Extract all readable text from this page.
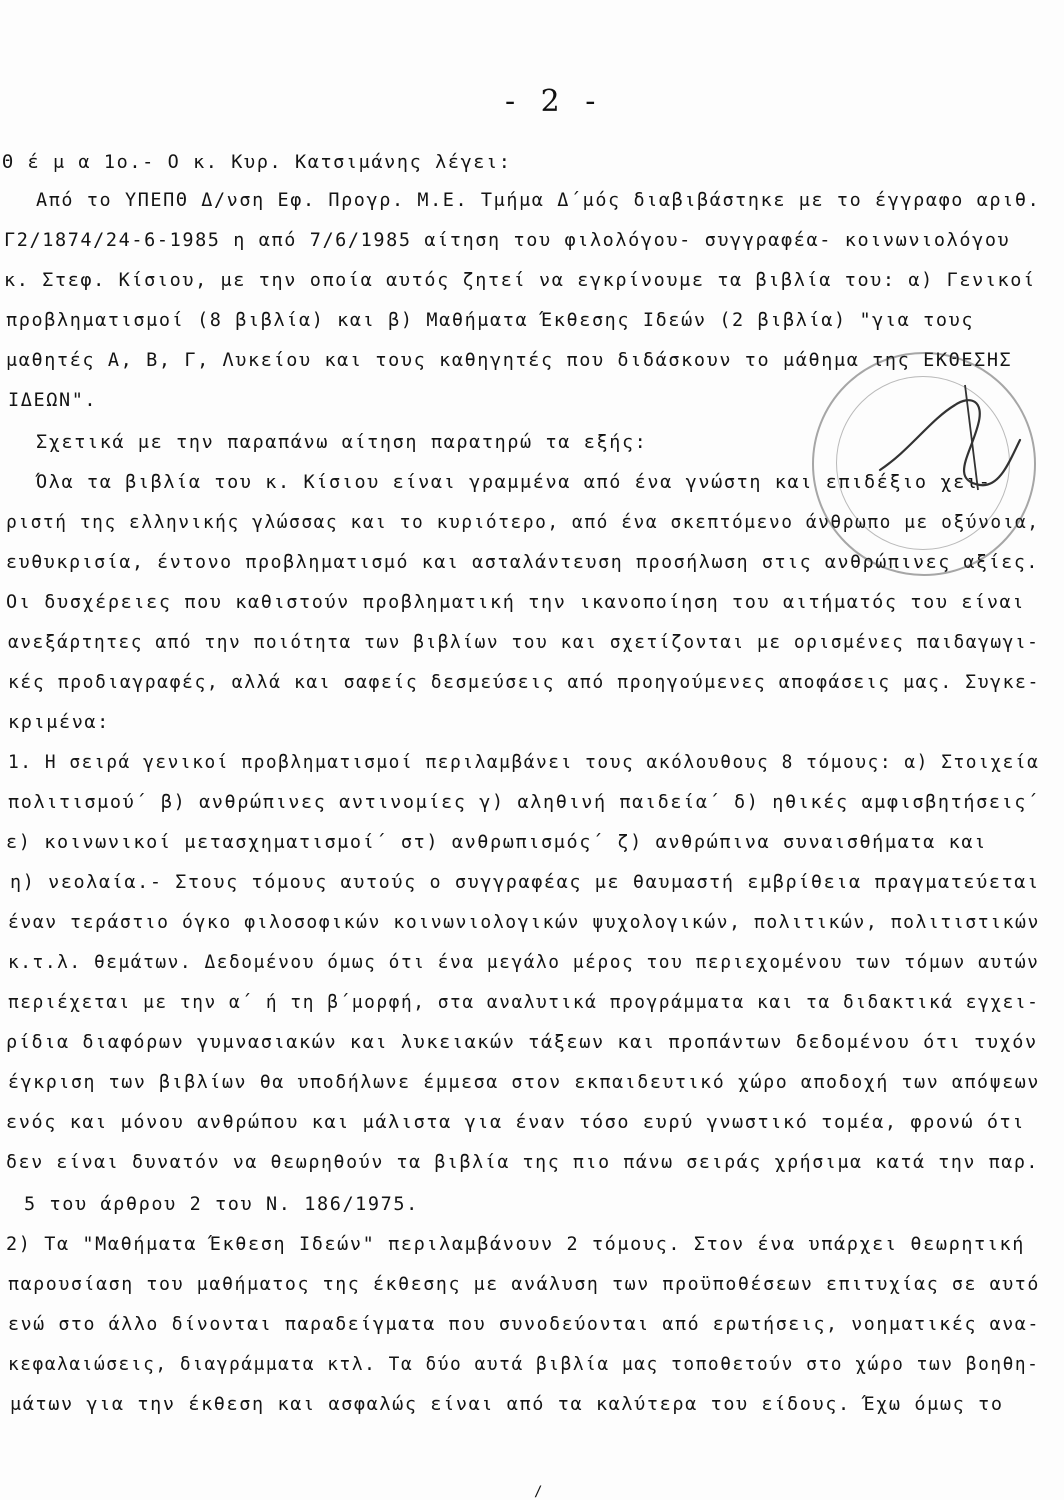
- 2 -
Θ έ μ α 1ο.- Ο κ. Κυρ. Κατσιμάνης λέγει:
Από το ΥΠΕΠΘ Δ/νση Εφ. Προγρ. Μ.Ε. Τμήμα Δ΄μός διαβιβάστηκε με το έγγραφο αριθ.
Γ2/1874/24-6-1985 η από 7/6/1985 αίτηση του φιλολόγου- συγγραφέα- κοινωνιολόγου
κ. Στεφ. Κίσιου, με την οποία αυτός ζητεί να εγκρίνουμε τα βιβλία του: α) Γενικοί
προβληματισμοί (8 βιβλία) και β) Μαθήματα Έκθεσης Ιδεών (2 βιβλία) "για τους
μαθητές Α, Β, Γ, Λυκείου και τους καθηγητές που διδάσκουν το μάθημα της ΕΚΘΕΣΗΣ
ΙΔΕΩΝ".
Σχετικά με την παραπάνω αίτηση παρατηρώ τα εξής:
Όλα τα βιβλία του κ. Κίσιου είναι γραμμένα από ένα γνώστη και επιδέξιο χει-
ριστή της ελληνικής γλώσσας και το κυριότερο, από ένα σκεπτόμενο άνθρωπο με οξύνοια,
ευθυκρισία, έντονο προβληματισμό και ασταλάντευση προσήλωση στις ανθρώπινες αξίες.
Οι δυσχέρειες που καθιστούν προβληματική την ικανοποίηση του αιτήματός του είναι
ανεξάρτητες από την ποιότητα των βιβλίων του και σχετίζονται με ορισμένες παιδαγωγι-
κές προδιαγραφές, αλλά και σαφείς δεσμεύσεις από προηγούμενες αποφάσεις μας. Συγκε-
κριμένα:
1. Η σειρά γενικοί προβληματισμοί περιλαμβάνει τους ακόλουθους 8 τόμους: α) Στοιχεία
πολιτισμού΄ β) ανθρώπινες αντινομίες γ) αληθινή παιδεία΄ δ) ηθικές αμφισβητήσεις΄
ε) κοινωνικοί μετασχηματισμοί΄ στ) ανθρωπισμός΄ ζ) ανθρώπινα συναισθήματα και
η) νεολαία.- Στους τόμους αυτούς ο συγγραφέας με θαυμαστή εμβρίθεια πραγματεύεται
έναν τεράστιο όγκο φιλοσοφικών κοινωνιολογικών ψυχολογικών, πολιτικών, πολιτιστικών
κ.τ.λ. θεμάτων. Δεδομένου όμως ότι ένα μεγάλο μέρος του περιεχομένου των τόμων αυτών
περιέχεται με την α΄ ή τη β΄μορφή, στα αναλυτικά προγράμματα και τα διδακτικά εγχει-
ρίδια διαφόρων γυμνασιακών και λυκειακών τάξεων και προπάντων δεδομένου ότι τυχόν
έγκριση των βιβλίων θα υποδήλωνε έμμεσα στον εκπαιδευτικό χώρο αποδοχή των απόψεων
ενός και μόνου ανθρώπου και μάλιστα για έναν τόσο ευρύ γνωστικό τομέα, φρονώ ότι
δεν είναι δυνατόν να θεωρηθούν τα βιβλία της πιο πάνω σειράς χρήσιμα κατά την παρ.
5 του άρθρου 2 του Ν. 186/1975.
2) Τα "Μαθήματα Έκθεση Ιδεών" περιλαμβάνουν 2 τόμους. Στον ένα υπάρχει θεωρητική
παρουσίαση του μαθήματος της έκθεσης με ανάλυση των προϋποθέσεων επιτυχίας σε αυτό
ενώ στο άλλο δίνονται παραδείγματα που συνοδεύονται από ερωτήσεις, νοηματικές ανα-
κεφαλαιώσεις, διαγράμματα κτλ. Τα δύο αυτά βιβλία μας τοποθετούν στο χώρο των βοηθη-
μάτων για την έκθεση και ασφαλώς είναι από τα καλύτερα του είδους. Έχω όμως το
/
